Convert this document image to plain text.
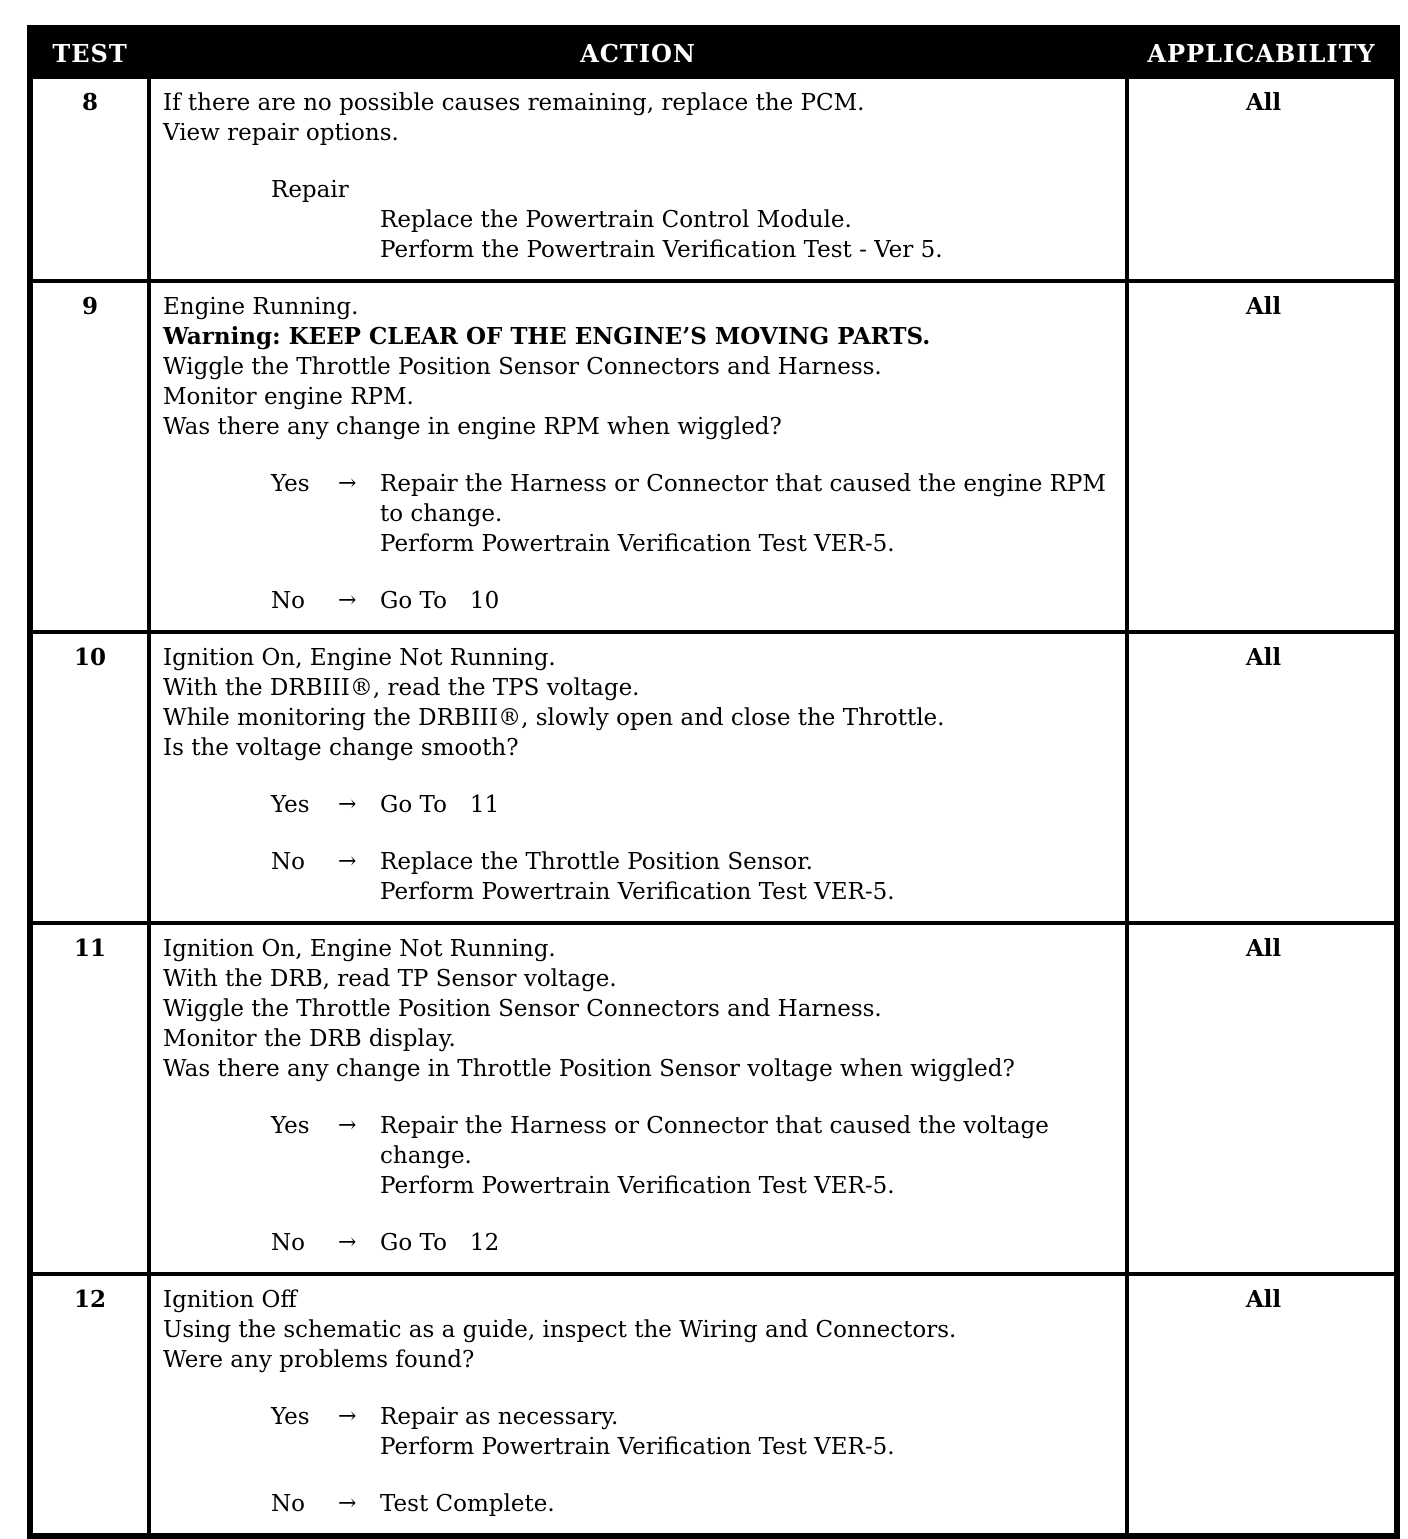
TEST	ACTION	APPLICABILITY
8	If there are no possible causes remaining, replace the PCM.
View repair options.
Repair
Replace the Powertrain Control Module.
Perform the Powertrain Verification Test - Ver 5.	All
9	Engine Running.
Warning: KEEP CLEAR OF THE ENGINE’S MOVING PARTS.
Wiggle the Throttle Position Sensor Connectors and Harness.
Monitor engine RPM.
Was there any change in engine RPM when wiggled?
Yes	→	Repair the Harness or Connector that caused the engine RPM to change.
Perform Powertrain Verification Test VER-5.
No	→	Go To  10
	All
10	Ignition On, Engine Not Running.
With the DRBIII®, read the TPS voltage.
While monitoring the DRBIII®, slowly open and close the Throttle.
Is the voltage change smooth?
Yes	→	Go To  11
No	→	Replace the Throttle Position Sensor.
Perform Powertrain Verification Test VER-5.
	All
11	Ignition On, Engine Not Running.
With the DRB, read TP Sensor voltage.
Wiggle the Throttle Position Sensor Connectors and Harness.
Monitor the DRB display.
Was there any change in Throttle Position Sensor voltage when wiggled?
Yes	→	Repair the Harness or Connector that caused the voltage change.
Perform Powertrain Verification Test VER-5.
No	→	Go To  12
	All
12	Ignition Off
Using the schematic as a guide, inspect the Wiring and Connectors.
Were any problems found?
Yes	→	Repair as necessary.
Perform Powertrain Verification Test VER-5.
No	→	Test Complete.
	All
